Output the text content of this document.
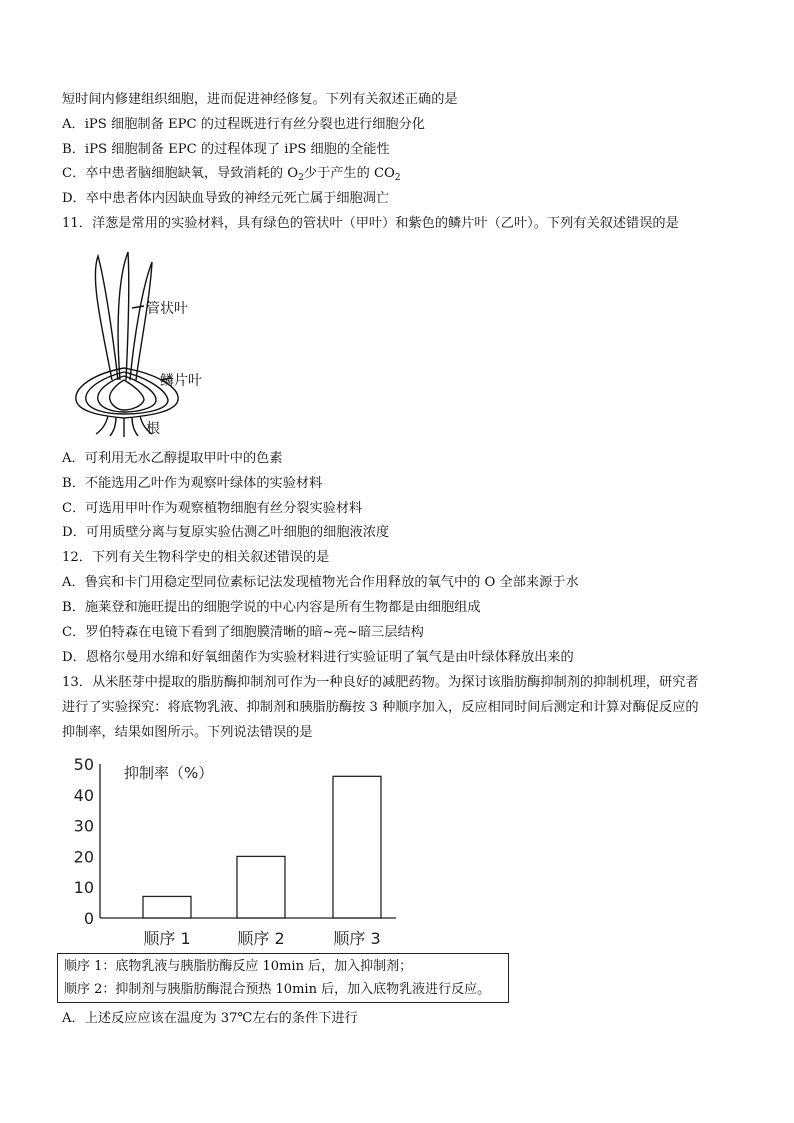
短时间内修建组织细胞，进而促进神经修复。下列有关叙述正确的是
A．iPS 细胞制备 EPC 的过程既进行有丝分裂也进行细胞分化
B．iPS 细胞制备 EPC 的过程体现了 iPS 细胞的全能性
C．卒中患者脑细胞缺氧，导致消耗的 $O_2$少于产生的 $CO_2$
D．卒中患者体内因缺血导致的神经元死亡属于细胞凋亡
11．洋葱是常用的实验材料，具有绿色的管状叶（甲叶）和紫色的鳞片叶（乙叶）。下列有关叙述错误的是
管状叶
鳞片叶
根
A．可利用无水乙醇提取甲叶中的色素
B．不能选用乙叶作为观察叶绿体的实验材料
C．可选用甲叶作为观察植物细胞有丝分裂实验材料
D．可用质壁分离与复原实验估测乙叶细胞的细胞液浓度
12．下列有关生物科学史的相关叙述错误的是
A．鲁宾和卡门用稳定型同位素标记法发现植物光合作用释放的氧气中的 O 全部来源于水
B．施莱登和施旺提出的细胞学说的中心内容是所有生物都是由细胞组成
C．罗伯特森在电镜下看到了细胞膜清晰的暗~亮~暗三层结构
D．恩格尔曼用水绵和好氧细菌作为实验材料进行实验证明了氧气是由叶绿体释放出来的
13．从米胚芽中提取的脂肪酶抑制剂可作为一种良好的减肥药物。为探讨该脂肪酶抑制剂的抑制机理，研究者
进行了实验探究：将底物乳液、抑制剂和胰脂肪酶按 3 种顺序加入，反应相同时间后测定和计算对酶促反应的
抑制率，结果如图所示。下列说法错误的是
抑制率（%）
0
10
20
30
40
50
顺序 1	顺序 2	顺序 3
顺序 1：底物乳液与胰脂肪酶反应 10min 后，加入抑制剂；
顺序 2：抑制剂与胰脂肪酶混合预热 10min 后，加入底物乳液进行反应。
A．上述反应应该在温度为 37℃左右的条件下进行
